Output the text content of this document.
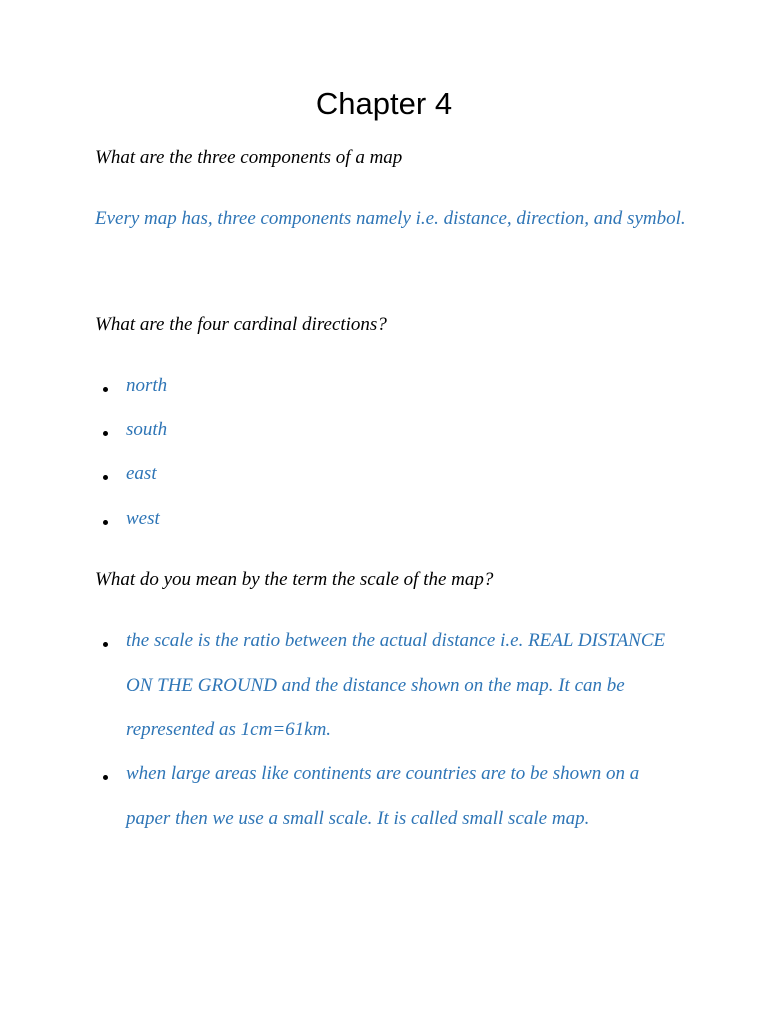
Chapter 4

What are the three components of a map

Every map has, three components namely i.e. distance, direction, and symbol.

What are the four cardinal directions?

north

south

east

west

What do you mean by the term the scale of the map?

the scale is the ratio between the actual distance i.e. REAL DISTANCE ON THE GROUND and the distance shown on the map. It can be represented as 1cm=61km.

when large areas like continents are countries are to be shown on a paper then we use a small scale. It is called small scale map.
